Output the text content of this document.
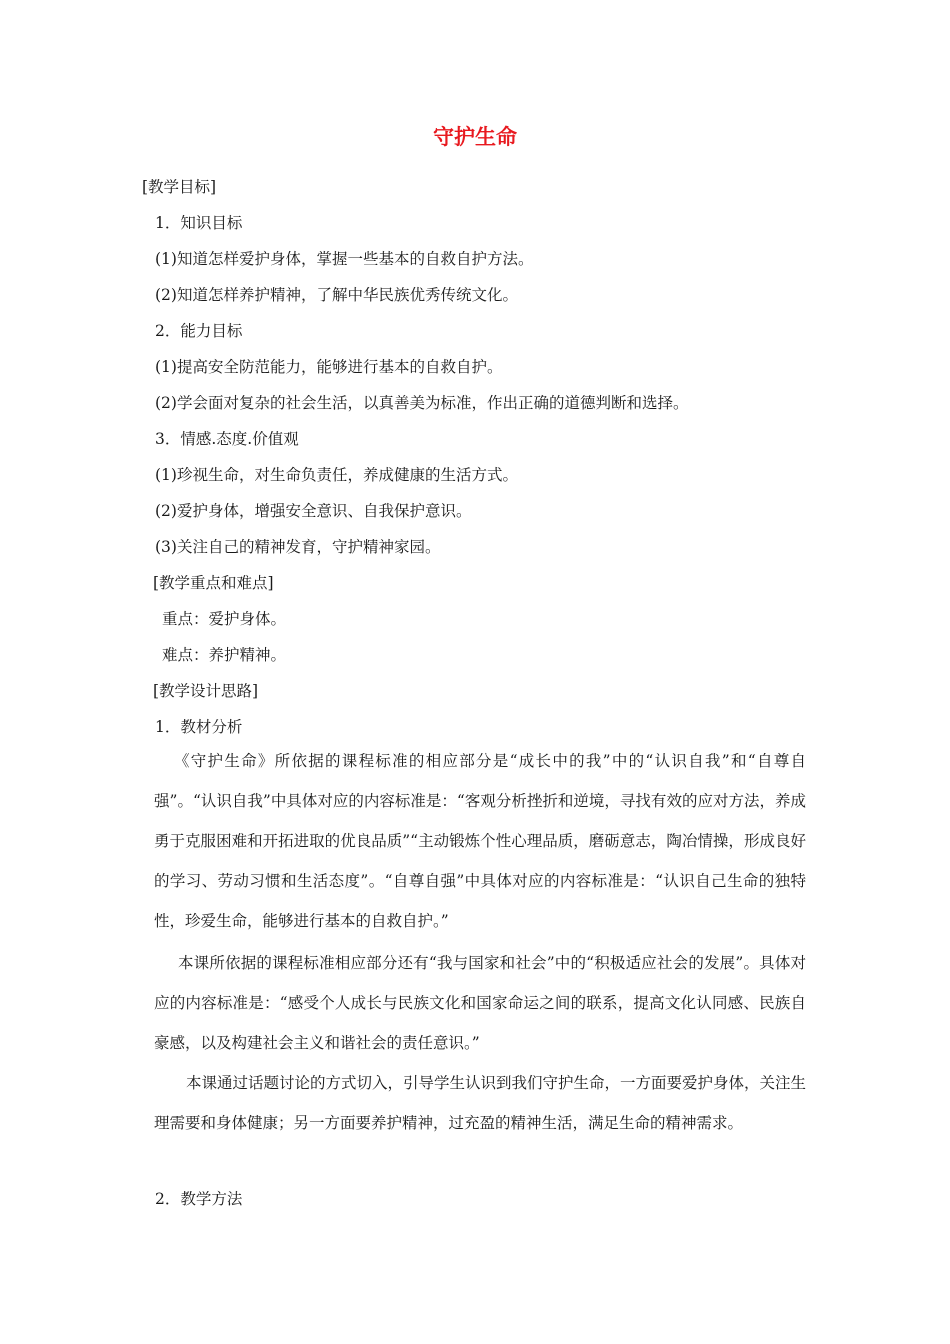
守护生命
[教学目标]
1．知识目标
(1)知道怎样爱护身体，掌握一些基本的自救自护方法。
(2)知道怎样养护精神，了解中华民族优秀传统文化。
2．能力目标
(1)提高安全防范能力，能够进行基本的自救自护。
(2)学会面对复杂的社会生活，以真善美为标准，作出正确的道德判断和选择。
3．情感.态度.价值观
(1)珍视生命，对生命负责任，养成健康的生活方式。
(2)爱护身体，增强安全意识、自我保护意识。
(3)关注自己的精神发育，守护精神家园。
[教学重点和难点]
重点：爱护身体。
难点：养护精神。
[教学设计思路]
1．教材分析
《守护生命》所依据的课程标准的相应部分是“成长中的我”中的“认识自我”和“自尊自强”。“认识自我”中具体对应的内容标准是：“客观分析挫折和逆境，寻找有效的应对方法，养成勇于克服困难和开拓进取的优良品质”“主动锻炼个性心理品质，磨砺意志，陶冶情操，形成良好的学习、劳动习惯和生活态度”。“自尊自强”中具体对应的内容标准是：“认识自己生命的独特性，珍爱生命，能够进行基本的自救自护。”
本课所依据的课程标准相应部分还有“我与国家和社会”中的“积极适应社会的发展”。具体对应的内容标准是：“感受个人成长与民族文化和国家命运之间的联系，提高文化认同感、民族自豪感，以及构建社会主义和谐社会的责任意识。”
本课通过话题讨论的方式切入，引导学生认识到我们守护生命，一方面要爱护身体，关注生理需要和身体健康；另一方面要养护精神，过充盈的精神生活，满足生命的精神需求。
2．教学方法
